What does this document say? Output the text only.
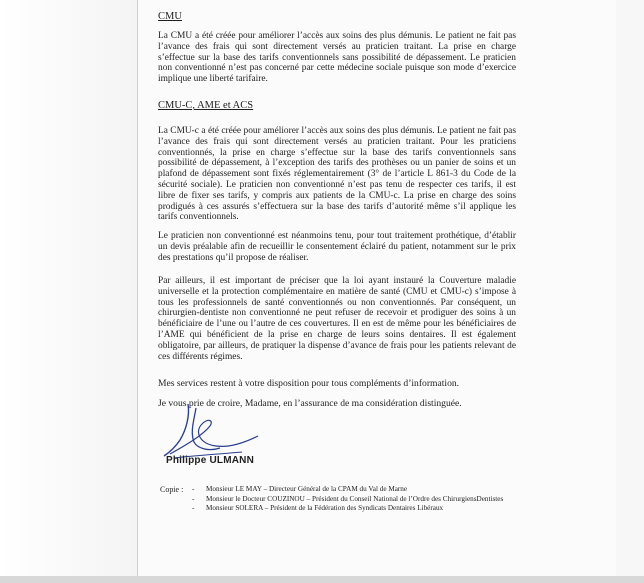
CMU
La CMU a été créée pour améliorer l’accès aux soins des plus démunis. Le patient ne fait pas l’avance des frais qui sont directement versés au praticien traitant. La prise en charge s’effectue sur la base des tarifs conventionnels sans possibilité de dépassement. Le praticien non conventionné n’est pas concerné par cette médecine sociale puisque son mode d’exercice implique une liberté tarifaire.
CMU-C, AME et ACS
La CMU-c a été créée pour améliorer l’accès aux soins des plus démunis. Le patient ne fait pas l’avance des frais qui sont directement versés au praticien traitant. Pour les praticiens conventionnés, la prise en charge s’effectue sur la base des tarifs conventionnels sans possibilité de dépassement, à l’exception des tarifs des prothèses ou un panier de soins et un plafond de dépassement sont fixés réglementairement (3° de l’article L 861-3 du Code de la sécurité sociale). Le praticien non conventionné n’est pas tenu de respecter ces tarifs, il est libre de fixer ses tarifs, y compris aux patients de la CMU-c. La prise en charge des soins prodigués à ces assurés s’effectuera sur la base des tarifs d’autorité même s’il applique les tarifs conventionnels.
Le praticien non conventionné est néanmoins tenu, pour tout traitement prothétique, d’établir un devis préalable afin de recueillir le consentement éclairé du patient, notamment sur le prix des prestations qu’il propose de réaliser.
Par ailleurs, il est important de préciser que la loi ayant instauré la Couverture maladie universelle et la protection complémentaire en matière de santé (CMU et CMU-c) s’impose à tous les professionnels de santé conventionnés ou non conventionnés. Par conséquent, un chirurgien-dentiste non conventionné ne peut refuser de recevoir et prodiguer des soins à un bénéficiaire de l’une ou l’autre de ces couvertures. Il en est de même pour les bénéficiaires de l’AME qui bénéficient de la prise en charge de leurs soins dentaires. Il est également obligatoire, par ailleurs, de pratiquer la dispense d’avance de frais pour les patients relevant de ces différents régimes.
Mes services restent à votre disposition pour tous compléments d’information.
Je vous prie de croire, Madame, en l’assurance de ma considération distinguée.
Philippe ULMANN
Copie :	- Monsieur LE MAY – Directeur Général de la CPAM du Val de Marne
- Monsieur le Docteur COUZINOU – Président du Conseil National de l’Ordre des ChirurgiensDentistes
- Monsieur SOLERA – Président de la Fédération des Syndicats Dentaires Libéraux
